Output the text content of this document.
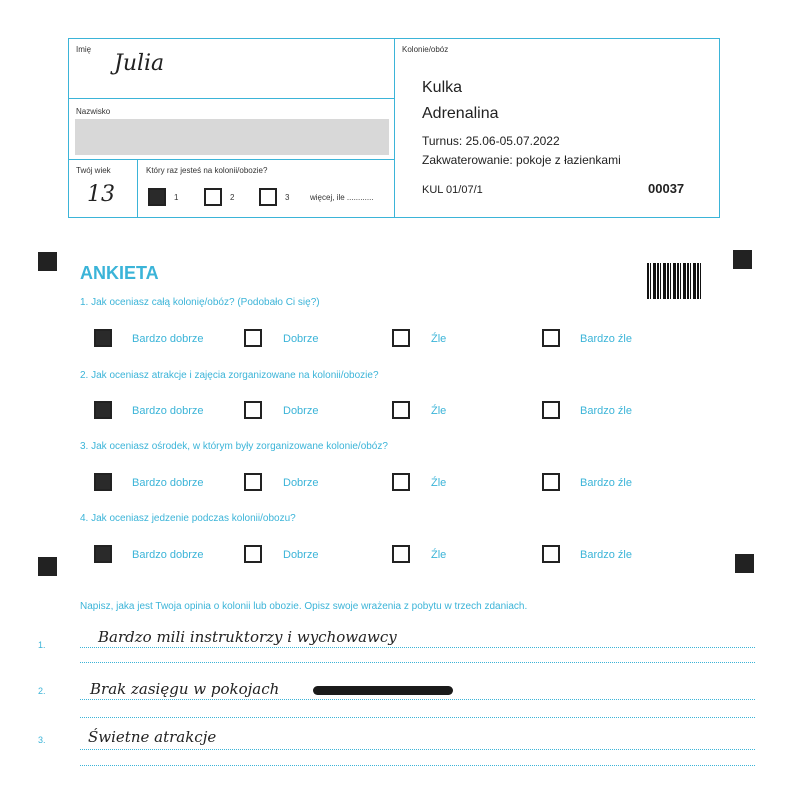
Imię
Julia
Nazwisko
Twój wiek
13
Który raz jesteś na kolonii/obozie?
1	2	3	więcej, ile ............
Kolonie/obóz
Kulka
Adrenalina
Turnus: 25.06-05.07.2022
Zakwaterowanie: pokoje z łazienkami
KUL 01/07/1	00037
ANKIETA
1. Jak oceniasz całą kolonię/obóz? (Podobało Ci się?)
2. Jak oceniasz atrakcje i zajęcia zorganizowane na kolonii/obozie?
3. Jak oceniasz ośrodek, w którym były zorganizowane kolonie/obóz?
4. Jak oceniasz jedzenie podczas kolonii/obozu?
Bardzo dobrze	Dobrze	Źle	Bardzo źle
Bardzo dobrze	Dobrze	Źle	Bardzo źle
Bardzo dobrze	Dobrze	Źle	Bardzo źle
Bardzo dobrze	Dobrze	Źle	Bardzo źle
Napisz, jaka jest Twoja opinia o kolonii lub obozie. Opisz swoje wrażenia z pobytu w trzech zdaniach.
1.	Bardzo mili instruktorzy i wychowawcy
2.	Brak zasięgu w pokojach
3.	Świetne atrakcje
